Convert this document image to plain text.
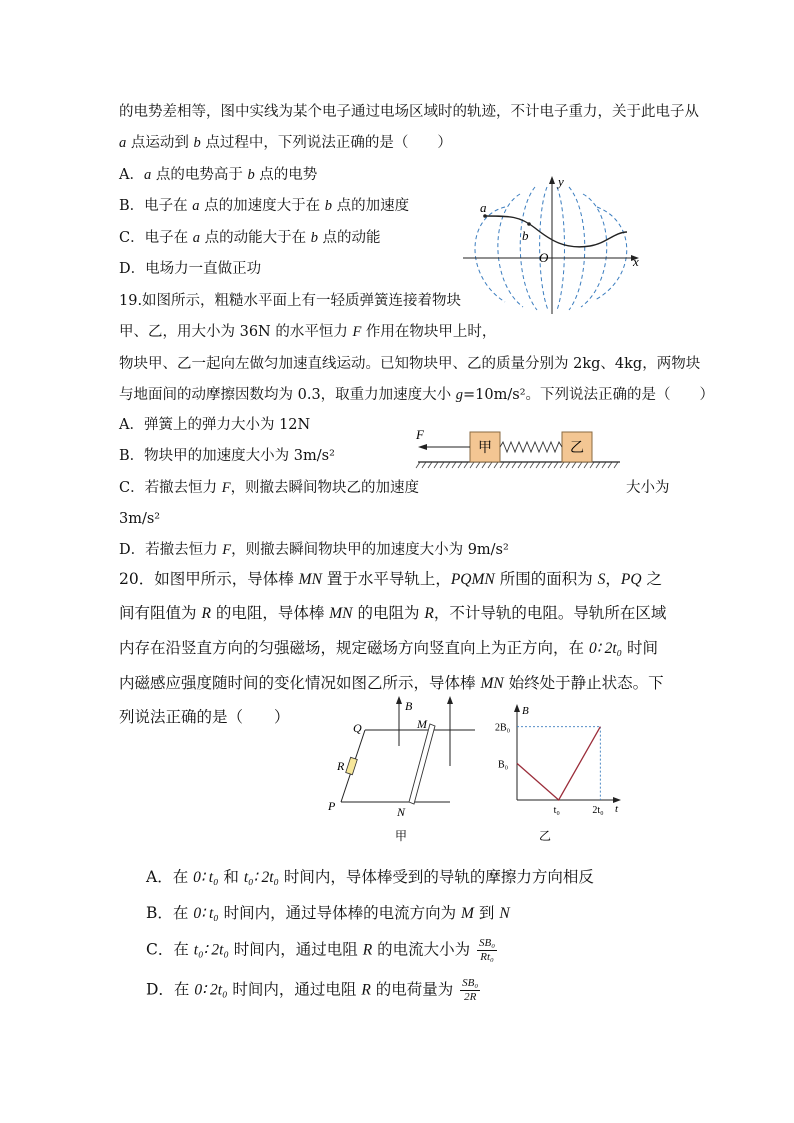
的电势差相等，图中实线为某个电子通过电场区域时的轨迹，不计电子重力，关于此电子从
a 点运动到 b 点过程中，下列说法正确的是（　　）
A．a 点的电势高于 b 点的电势
B．电子在 a 点的加速度大于在 b 点的加速度
C．电子在 a 点的动能大于在 b 点的动能
D．电场力一直做正功
a
b
y
x
O
19.如图所示，粗糙水平面上有一轻质弹簧连接着物块
甲、乙，用大小为 36N 的水平恒力 F 作用在物块甲上时，
物块甲、乙一起向左做匀加速直线运动。已知物块甲、乙的质量分别为 2kg、4kg，两物块
与地面间的动摩擦因数均为 0.3，取重力加速度大小 g=10m/s²。下列说法正确的是（　　）
A．弹簧上的弹力大小为 12N
B．物块甲的加速度大小为 3m/s²
C．若撤去恒力 F，则撤去瞬间物块乙的加速度	大小为
3m/s²
D．若撤去恒力 F，则撤去瞬间物块甲的加速度大小为 9m/s²
甲	乙
F
20．如图甲所示，导体棒 MN 置于水平导轨上，PQMN 所围的面积为 S，PQ 之
间有阻值为 R 的电阻，导体棒 MN 的电阻为 R，不计导轨的电阻。导轨所在区域
内存在沿竖直方向的匀强磁场，规定磁场方向竖直向上为正方向，在 0∶ 2t₀ 时间
内磁感应强度随时间的变化情况如图乙所示，导体棒 MN 始终处于静止状态。下
列说法正确的是（　　）
B
Q	M
R
P	N
甲
B
t
2B₀
B₀
t₀	2t₀
乙
A．在 0∶ t₀ 和 t₀∶ 2t₀ 时间内，导体棒受到的导轨的摩擦力方向相反
B．在 0∶ t₀ 时间内，通过导体棒的电流方向为 M 到 N
C．在 t₀∶ 2t₀ 时间内，通过电阻 R 的电流大小为 $\frac{\text{SB₀}}{\text{Rt₀}}$
D．在 0∶ 2t₀ 时间内，通过电阻 R 的电荷量为 $\frac{\text{SB₀}}{2R}$
